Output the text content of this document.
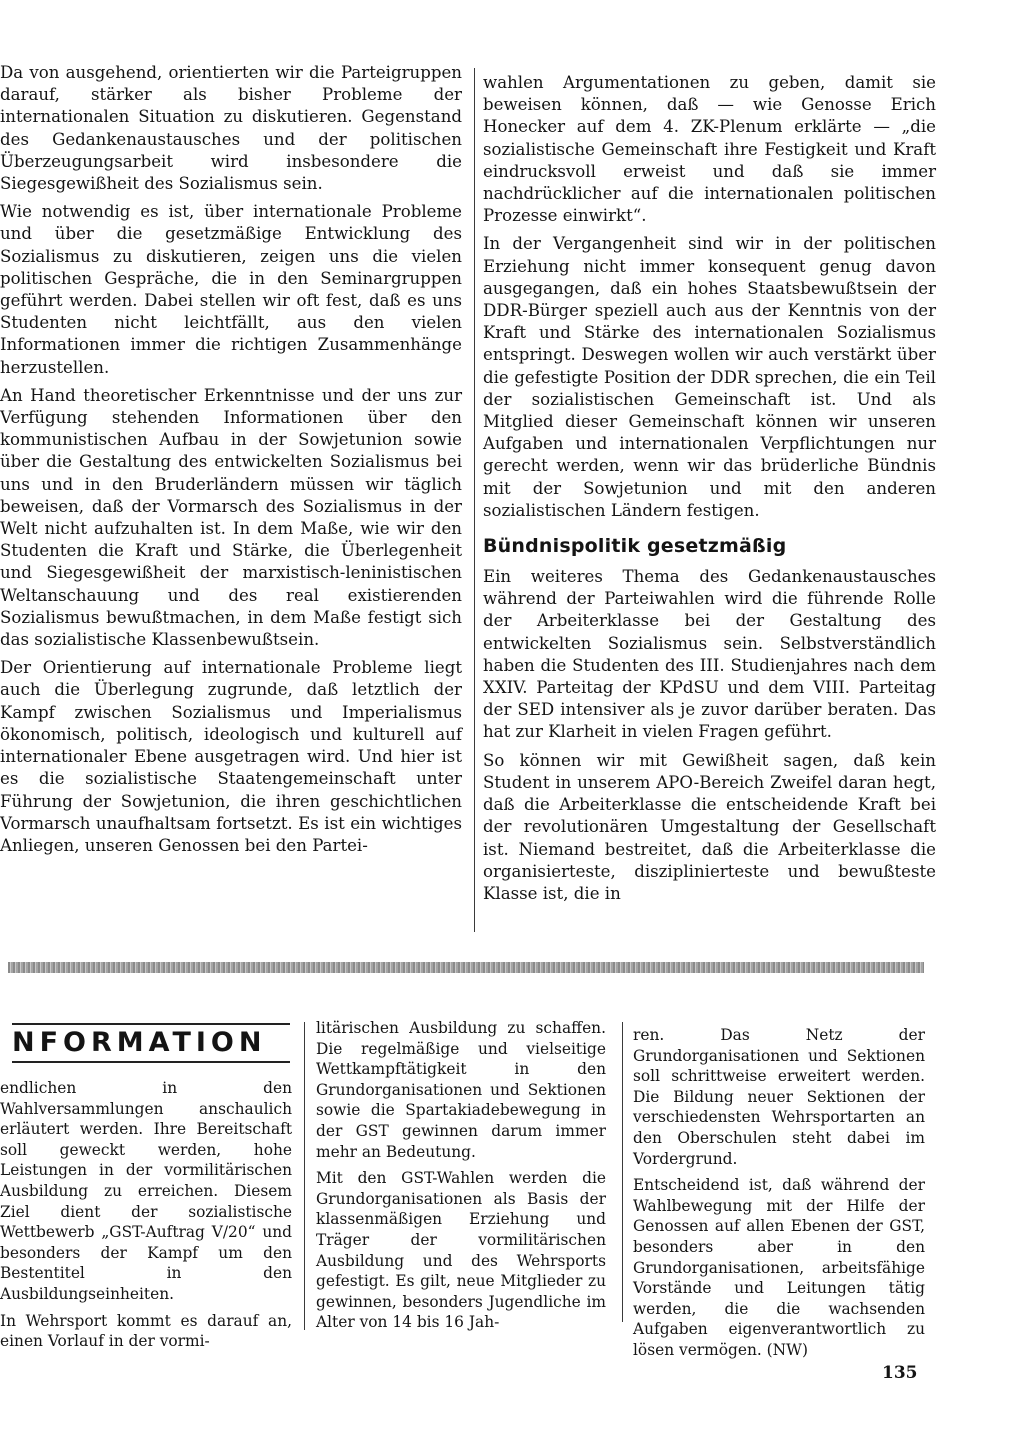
Da von ausgehend, orientierten wir die Parteigruppen darauf, stärker als bisher Probleme der internationalen Situation zu diskutieren. Gegenstand des Gedankenaustausches und der politischen Überzeugungsarbeit wird insbesondere die Siegesgewißheit des Sozialismus sein.

Wie notwendig es ist, über internationale Probleme und über die gesetzmäßige Entwicklung des Sozialismus zu diskutieren, zeigen uns die vielen politischen Gespräche, die in den Seminargruppen geführt werden. Dabei stellen wir oft fest, daß es uns Studenten nicht leichtfällt, aus den vielen Informationen immer die richtigen Zusammenhänge herzustellen.

An Hand theoretischer Erkenntnisse und der uns zur Verfügung stehenden Informationen über den kommunistischen Aufbau in der Sowjetunion sowie über die Gestaltung des entwickelten Sozialismus bei uns und in den Bruderländern müssen wir täglich beweisen, daß der Vormarsch des Sozialismus in der Welt nicht aufzuhalten ist. In dem Maße, wie wir den Studenten die Kraft und Stärke, die Überlegenheit und Siegesgewißheit der marxistisch-leninistischen Weltanschauung und des real existierenden Sozialismus bewußtmachen, in dem Maße festigt sich das sozialistische Klassenbewußtsein.

Der Orientierung auf internationale Probleme liegt auch die Überlegung zugrunde, daß letztlich der Kampf zwischen Sozialismus und Imperialismus ökonomisch, politisch, ideologisch und kulturell auf internationaler Ebene ausgetragen wird. Und hier ist es die sozialistische Staatengemeinschaft unter Führung der Sowjetunion, die ihren geschichtlichen Vormarsch unaufhaltsam fortsetzt. Es ist ein wichtiges Anliegen, unseren Genossen bei den Partei-

wahlen Argumentationen zu geben, damit sie beweisen können, daß — wie Genosse Erich Honecker auf dem 4. ZK-Plenum erklärte — „die sozialistische Gemeinschaft ihre Festigkeit und Kraft eindrucksvoll erweist und daß sie immer nachdrücklicher auf die internationalen politischen Prozesse einwirkt“.

In der Vergangenheit sind wir in der politischen Erziehung nicht immer konsequent genug davon ausgegangen, daß ein hohes Staatsbewußtsein der DDR-Bürger speziell auch aus der Kenntnis von der Kraft und Stärke des internationalen Sozialismus entspringt. Deswegen wollen wir auch verstärkt über die gefestigte Position der DDR sprechen, die ein Teil der sozialistischen Gemeinschaft ist. Und als Mitglied dieser Gemeinschaft können wir unseren Aufgaben und internationalen Verpflichtungen nur gerecht werden, wenn wir das brüderliche Bündnis mit der Sowjetunion und mit den anderen sozialistischen Ländern festigen.

Bündnispolitik gesetzmäßig

Ein weiteres Thema des Gedankenaustausches während der Parteiwahlen wird die führende Rolle der Arbeiterklasse bei der Gestaltung des entwickelten Sozialismus sein. Selbstverständlich haben die Studenten des III. Studienjahres nach dem XXIV. Parteitag der KPdSU und dem VIII. Parteitag der SED intensiver als je zuvor darüber beraten. Das hat zur Klarheit in vielen Fragen geführt.

So können wir mit Gewißheit sagen, daß kein Student in unserem APO-Bereich Zweifel daran hegt, daß die Arbeiterklasse die entscheidende Kraft bei der revolutionären Umgestaltung der Gesellschaft ist. Niemand bestreitet, daß die Arbeiterklasse die organisierteste, disziplinierteste und bewußteste Klasse ist, die in

NFORMATION

endlichen in den Wahlversammlungen anschaulich erläutert werden. Ihre Bereitschaft soll geweckt werden, hohe Leistungen in der vormilitärischen Ausbildung zu erreichen. Diesem Ziel dient der sozialistische Wettbewerb „GST-Auftrag V/20“ und besonders der Kampf um den Bestentitel in den Ausbildungseinheiten.

In Wehrsport kommt es darauf an, einen Vorlauf in der vormi-

litärischen Ausbildung zu schaffen. Die regelmäßige und vielseitige Wettkampftätigkeit in den Grundorganisationen und Sektionen sowie die Spartakiadebewegung in der GST gewinnen darum immer mehr an Bedeutung.

Mit den GST-Wahlen werden die Grundorganisationen als Basis der klassenmäßigen Erziehung und Träger der vormilitärischen Ausbildung und des Wehrsports gefestigt. Es gilt, neue Mitglieder zu gewinnen, besonders Jugendliche im Alter von 14 bis 16 Jah-

ren. Das Netz der Grundorganisationen und Sektionen soll schrittweise erweitert werden. Die Bildung neuer Sektionen der verschiedensten Wehrsportarten an den Oberschulen steht dabei im Vordergrund.

Entscheidend ist, daß während der Wahlbewegung mit der Hilfe der Genossen auf allen Ebenen der GST, besonders aber in den Grundorganisationen, arbeitsfähige Vorstände und Leitungen tätig werden, die die wachsenden Aufgaben eigenverantwortlich zu lösen vermögen. (NW)

135
